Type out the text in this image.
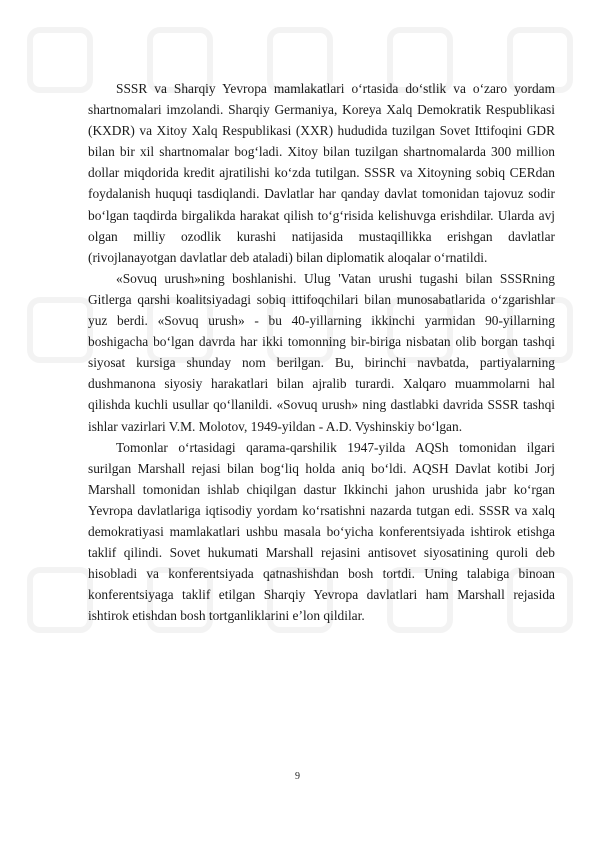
SSSR va Sharqiy Yevropa mamlakatlari o‘rtasida do‘stlik va o‘zaro yordam shartnomalari imzolandi. Sharqiy Germaniya, Koreya Xalq Demokratik Respublikasi (KXDR) va Xitoy Xalq Respublikasi (XXR) hududida tuzilgan Sovet Ittifoqini GDR bilan bir xil shartnomalar bog‘ladi. Xitoy bilan tuzilgan shartnomalarda 300 million dollar miqdorida kredit ajratilishi ko‘zda tutilgan. SSSR va Xitoyning sobiq CERdan foydalanish huquqi tasdiqlandi. Davlatlar har qanday davlat tomonidan tajovuz sodir bo‘lgan taqdirda birgalikda harakat qilish to‘g‘risida kelishuvga erishdilar. Ularda avj olgan milliy ozodlik kurashi natijasida mustaqillikka erishgan davlatlar (rivojlanayotgan davlatlar deb ataladi) bilan diplomatik aloqalar o‘rnatildi.

«Sovuq urush»ning boshlanishi. Ulug 'Vatan urushi tugashi bilan SSSRning Gitlerga qarshi koalitsiyadagi sobiq ittifoqchilari bilan munosabatlarida o‘zgarishlar yuz berdi. «Sovuq urush» - bu 40-yillarning ikkinchi yarmidan 90-yillarning boshigacha bo‘lgan davrda har ikki tomonning bir-biriga nisbatan olib borgan tashqi siyosat kursiga shunday nom berilgan. Bu, birinchi navbatda, partiyalarning dushmanona siyosiy harakatlari bilan ajralib turardi. Xalqaro muammolarni hal qilishda kuchli usullar qo‘llanildi. «Sovuq urush» ning dastlabki davrida SSSR tashqi ishlar vazirlari V.M. Molotov, 1949-yildan - A.D. Vyshinskiy bo‘lgan.

Tomonlar o‘rtasidagi qarama-qarshilik 1947-yilda AQSh tomonidan ilgari surilgan Marshall rejasi bilan bog‘liq holda aniq bo‘ldi. AQSH Davlat kotibi Jorj Marshall tomonidan ishlab chiqilgan dastur Ikkinchi jahon urushida jabr ko‘rgan Yevropa davlatlariga iqtisodiy yordam ko‘rsatishni nazarda tutgan edi. SSSR va xalq demokratiyasi mamlakatlari ushbu masala bo‘yicha konferentsiyada ishtirok etishga taklif qilindi. Sovet hukumati Marshall rejasini antisovet siyosatining quroli deb hisobladi va konferentsiyada qatnashishdan bosh tortdi. Uning talabiga binoan konferentsiyaga taklif etilgan Sharqiy Yevropa davlatlari ham Marshall rejasida ishtirok etishdan bosh tortganliklarini e’lon qildilar.

9
